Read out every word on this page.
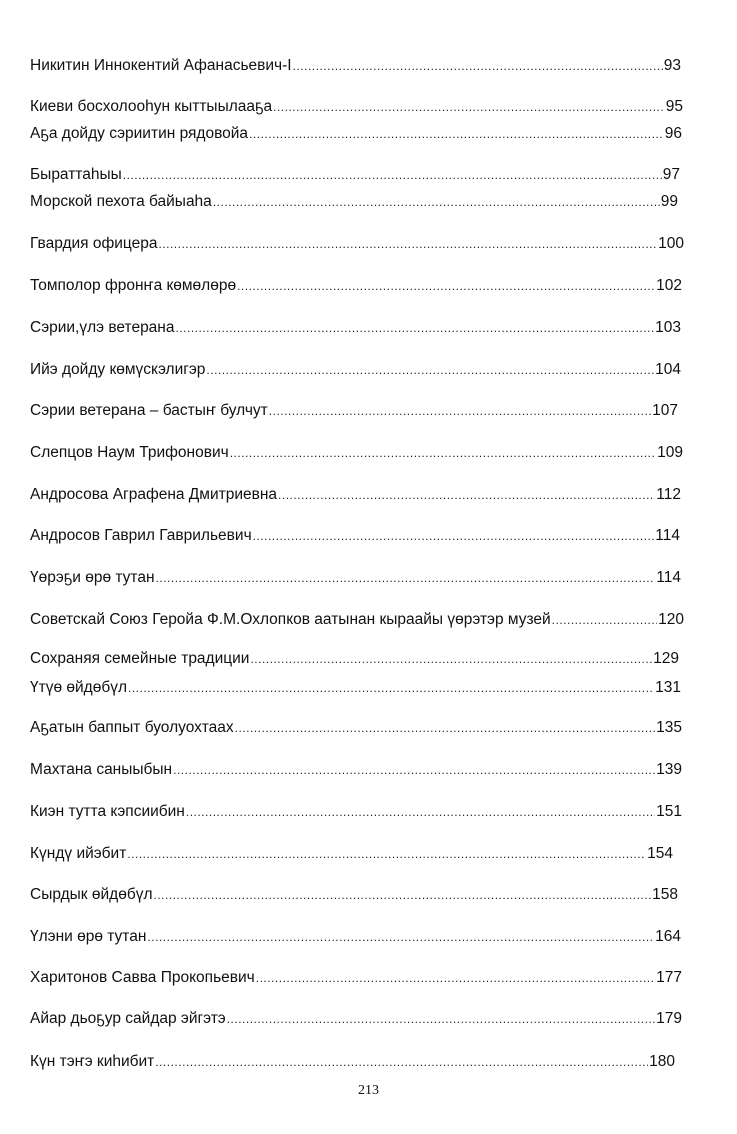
Никитин Иннокентий Афанасьевич-I .....	93
Киеви босхолооһун кыттыылааҕа .....	95
Аҕа дойду сэриитин рядовойа .....	96
Быраттаһыы .....	97
Морской пехота байыаһа .....	99
Гвардия офицера .....	100
Томполор фронҥа көмөлөрө .....	102
Сэрии,үлэ ветерана .....	103
Ийэ дойду көмүскэлигэр .....	104
Сэрии ветерана – бастыҥ булчут .....	107
Слепцов Наум Трифонович .....	109
Андросова Аграфена Дмитриевна .....	112
Андросов Гаврил Гаврильевич .....	114
Үөрэҕи өрө тутан .....	114
Советскай Союз Геройа Ф.М.Охлопков аатынан кыраайы үөрэтэр музей .....	120
Сохраняя семейные традиции .....	129
Үтүө өйдөбүл .....	131
Аҕатын баппыт буолуохтаах .....	135
Махтана саныыбын .....	139
Киэн тутта кэпсиибин .....	151
Күндү ийэбит .....	154
Сырдык өйдөбүл .....	158
Үлэни өрө тутан .....	164
Харитонов Савва Прокопьевич .....	177
Айар дьоҕур сайдар эйгэтэ .....	179
Күн тэҥэ киһибит .....	180
213
